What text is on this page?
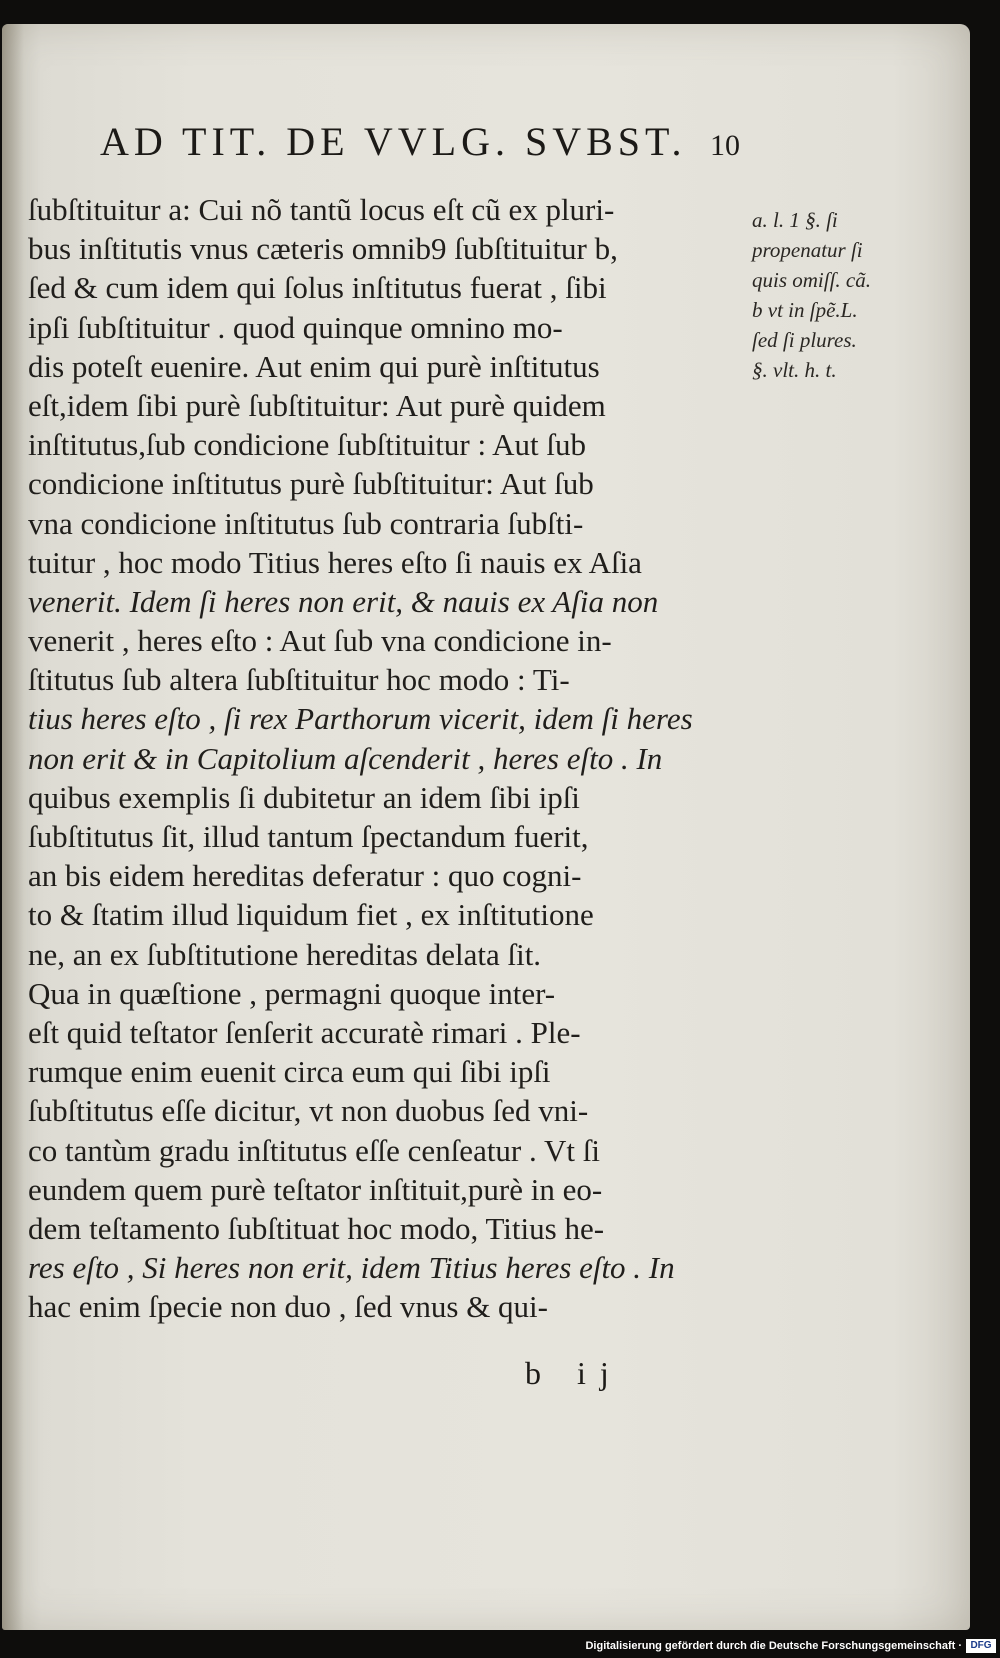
AD TIT. DE VVLG. SVBST. 10
ſubſtituitur a: Cui nõ tantũ locus eſt cũ ex pluri-
bus inſtitutis vnus cæteris omnib9 ſubſtituitur b,
ſed & cum idem qui ſolus inſtitutus fuerat , ſibi
ipſi ſubſtituitur . quod quinque omnino mo-
dis poteſt euenire. Aut enim qui purè inſtitutus
eſt,idem ſibi purè ſubſtituitur: Aut purè quidem
inſtitutus,ſub condicione ſubſtituitur : Aut ſub
condicione inſtitutus purè ſubſtituitur: Aut ſub
vna condicione inſtitutus ſub contraria ſubſti-
tuitur , hoc modo Titius heres eſto ſi nauis ex Aſia
venerit. Idem ſi heres non erit, & nauis ex Aſia non
venerit , heres eſto : Aut ſub vna condicione in-
ſtitutus ſub altera ſubſtituitur hoc modo : Ti-
tius heres eſto , ſi rex Parthorum vicerit, idem ſi heres
non erit & in Capitolium aſcenderit , heres eſto . In
quibus exemplis ſi dubitetur an idem ſibi ipſi
ſubſtitutus ſit, illud tantum ſpectandum fuerit,
an bis eidem hereditas deferatur : quo cogni-
to & ſtatim illud liquidum fiet , ex inſtitutione
ne, an ex ſubſtitutione hereditas delata ſit.
Qua in quæſtione , permagni quoque inter-
eſt quid teſtator ſenſerit accuratè rimari . Ple-
rumque enim euenit circa eum qui ſibi ipſi
ſubſtitutus eſſe dicitur, vt non duobus ſed vni-
co tantùm gradu inſtitutus eſſe cenſeatur . Vt ſi
eundem quem purè teſtator inſtituit,purè in eo-
dem teſtamento ſubſtituat hoc modo, Titius he-
res eſto , Si heres non erit, idem Titius heres eſto . In
hac enim ſpecie non duo , ſed vnus & qui-
a. l. 1 §. ſi
propenatur ſi
quis omiſſ. cã.
b vt in ſpẽ.L.
ſed ſi plures.
§. vlt. h. t.
b ij
Digitalisierung gefördert durch die Deutsche Forschungsgemeinschaft · DFG
